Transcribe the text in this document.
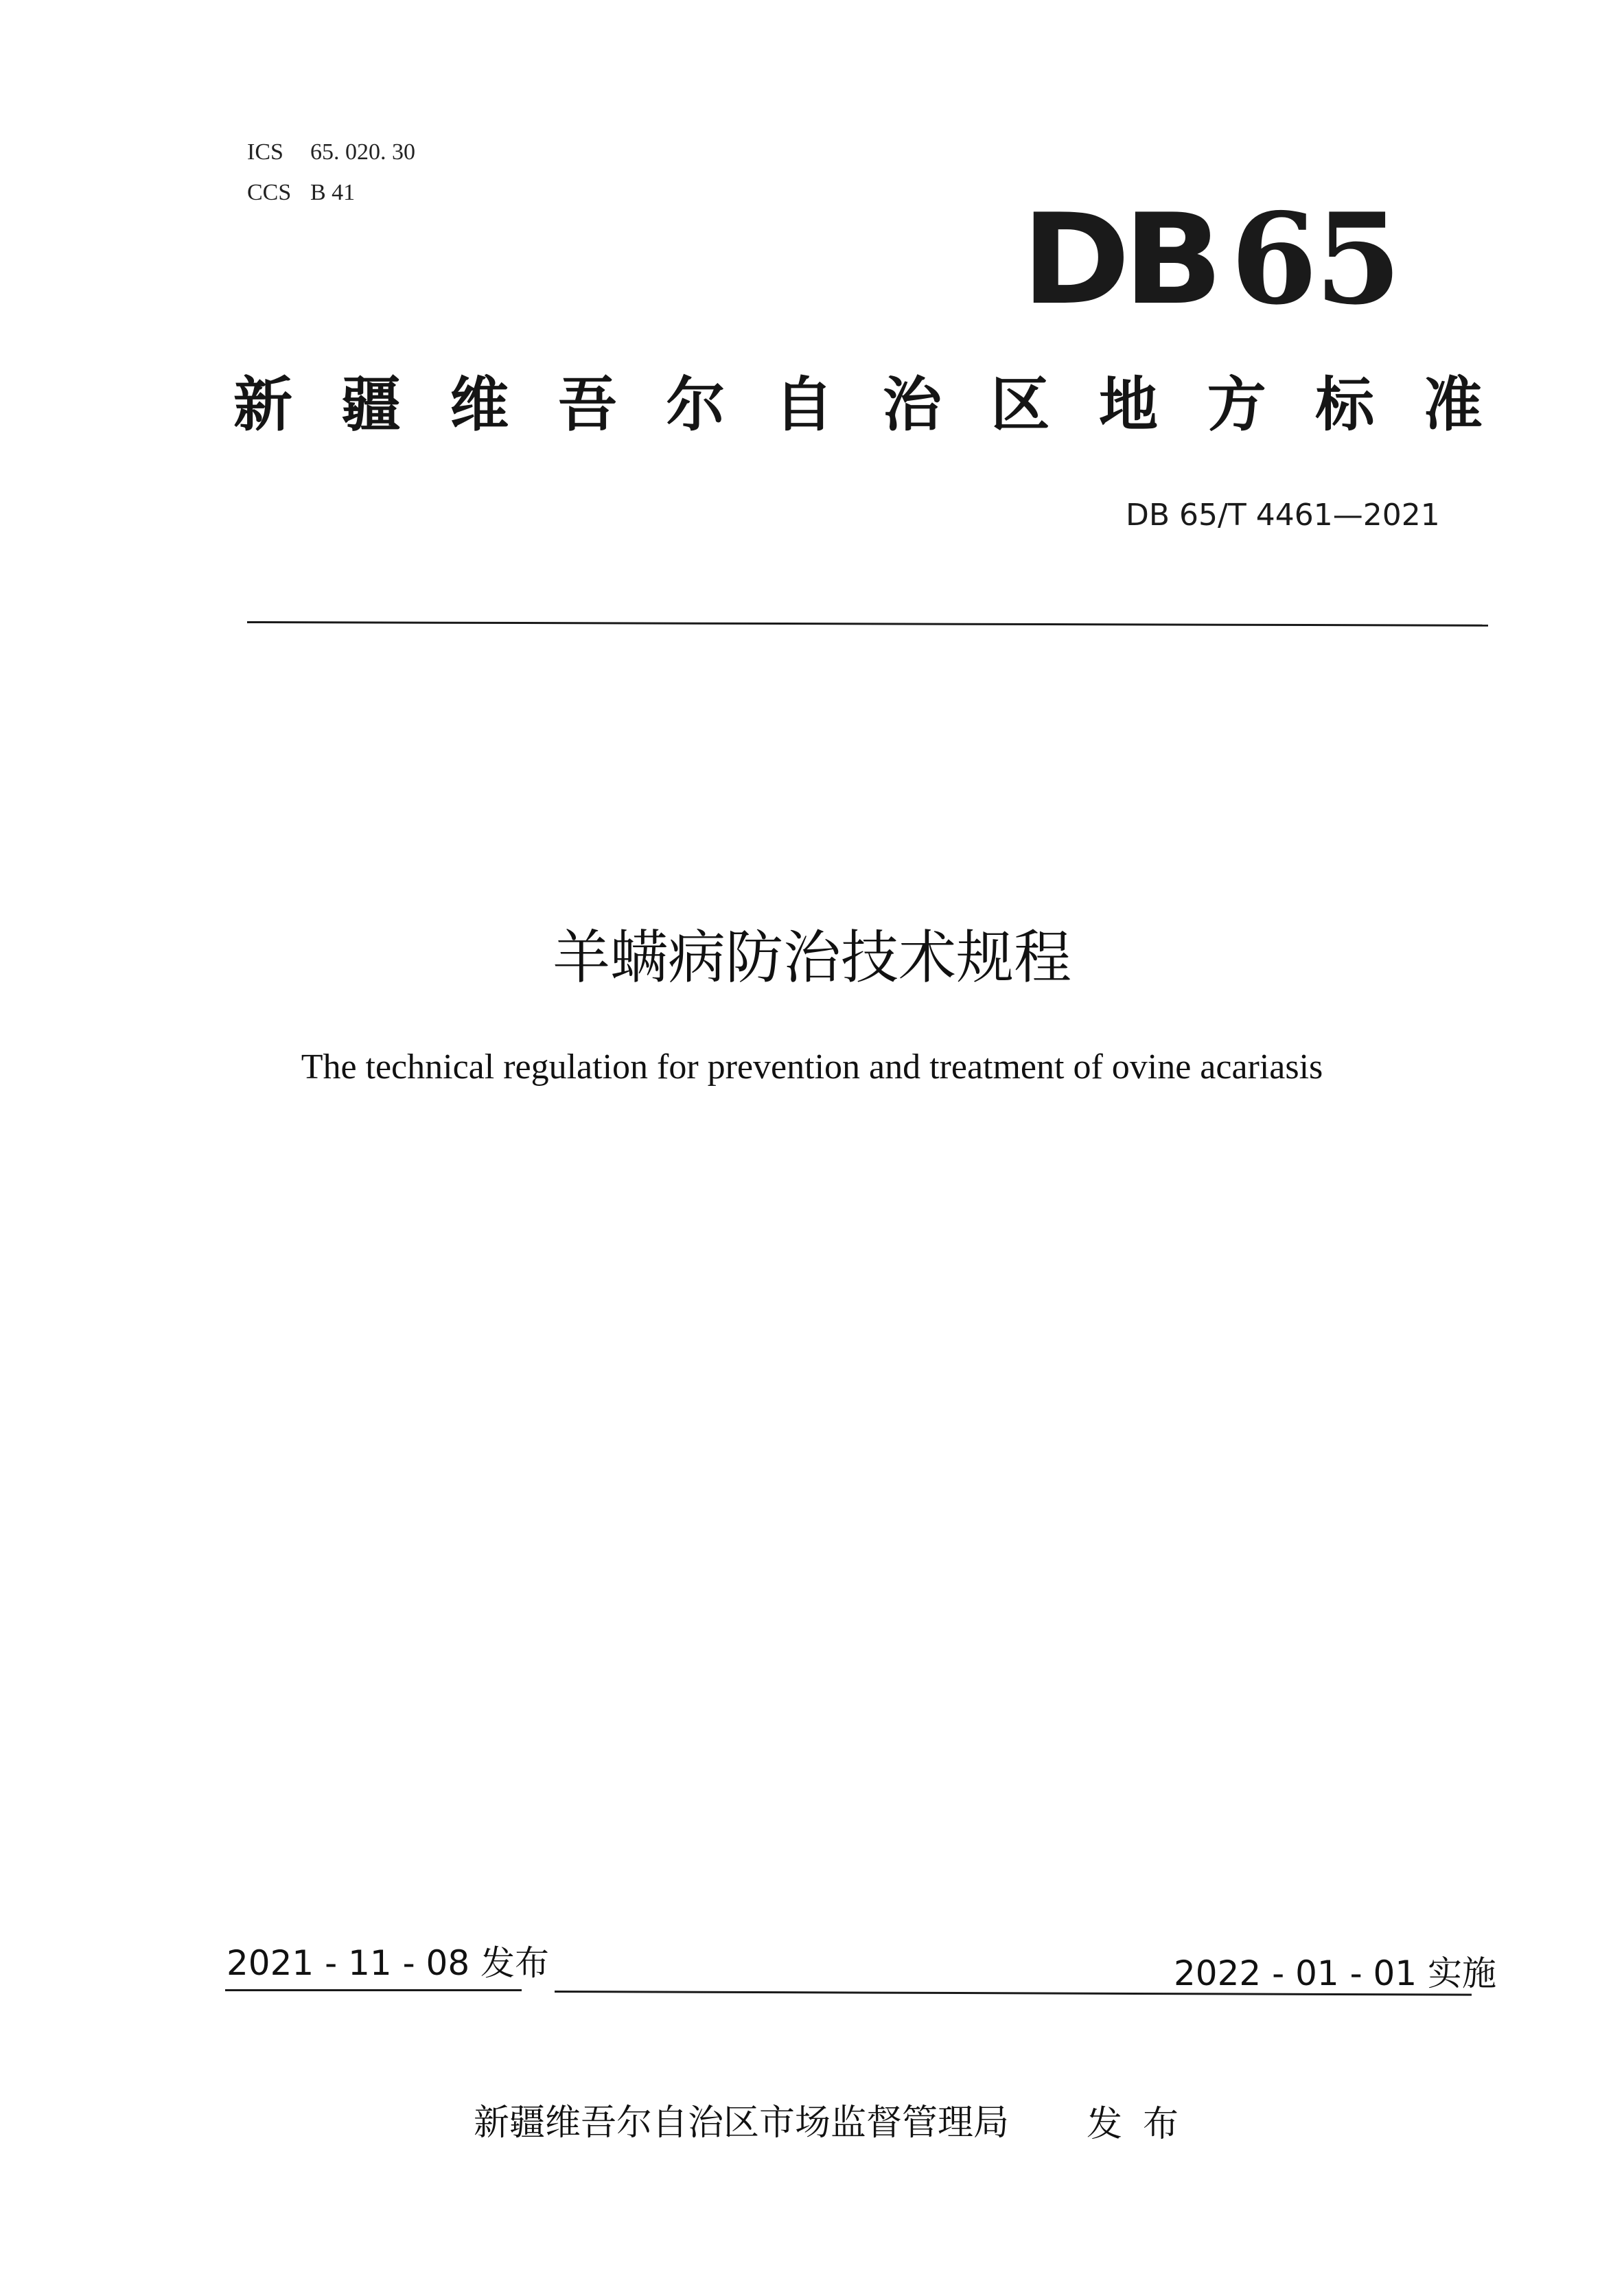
ICS 65. 020. 30
CCS B 41	DB 65
新 疆 维 吾 尔 自 治 区 地 方 标 准
DB 65/T 4461—2021
羊螨病防治技术规程
The technical regulation for prevention and treatment of ovine acariasis
2021 - 11 - 08 发布	2022 - 01 - 01 实施
新疆维吾尔自治区市场监督管理局 发布
